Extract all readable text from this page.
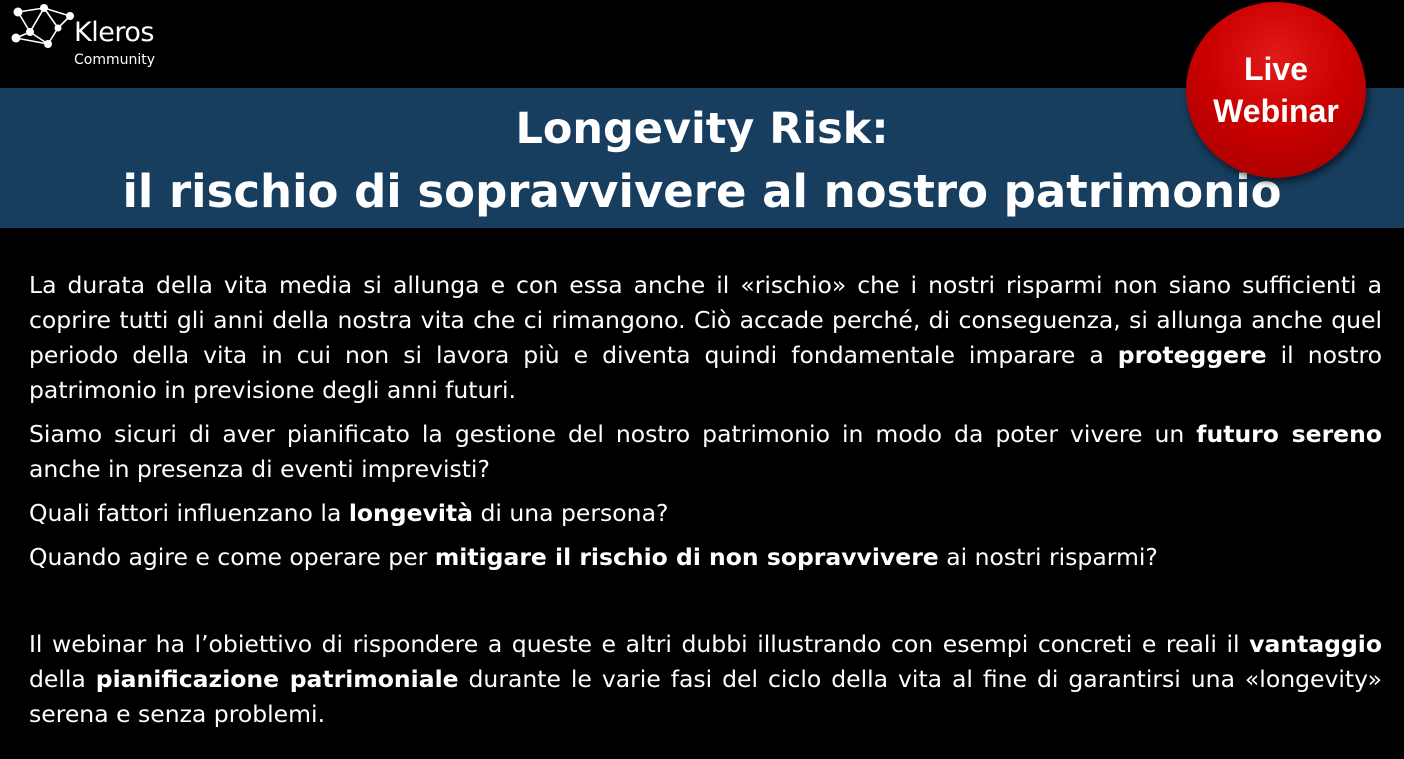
Kleros
Community
Longevity Risk:
il rischio di sopravvivere al nostro patrimonio
Live
Webinar

La durata della vita media si allunga e con essa anche il «rischio» che i nostri risparmi non siano sufficienti a coprire tutti gli anni della nostra vita che ci rimangono. Ciò accade perché, di conseguenza, si allunga anche quel periodo della vita in cui non si lavora più e diventa quindi fondamentale imparare a proteggere il nostro patrimonio in previsione degli anni futuri.

Siamo sicuri di aver pianificato la gestione del nostro patrimonio in modo da poter vivere un futuro sereno anche in presenza di eventi imprevisti?

Quali fattori influenzano la longevità di una persona?

Quando agire e come operare per mitigare il rischio di non sopravvivere ai nostri risparmi?

Il webinar ha l’obiettivo di rispondere a queste e altri dubbi illustrando con esempi concreti e reali il vantaggio della pianificazione patrimoniale durante le varie fasi del ciclo della vita al fine di garantirsi una «longevity» serena e senza problemi.
